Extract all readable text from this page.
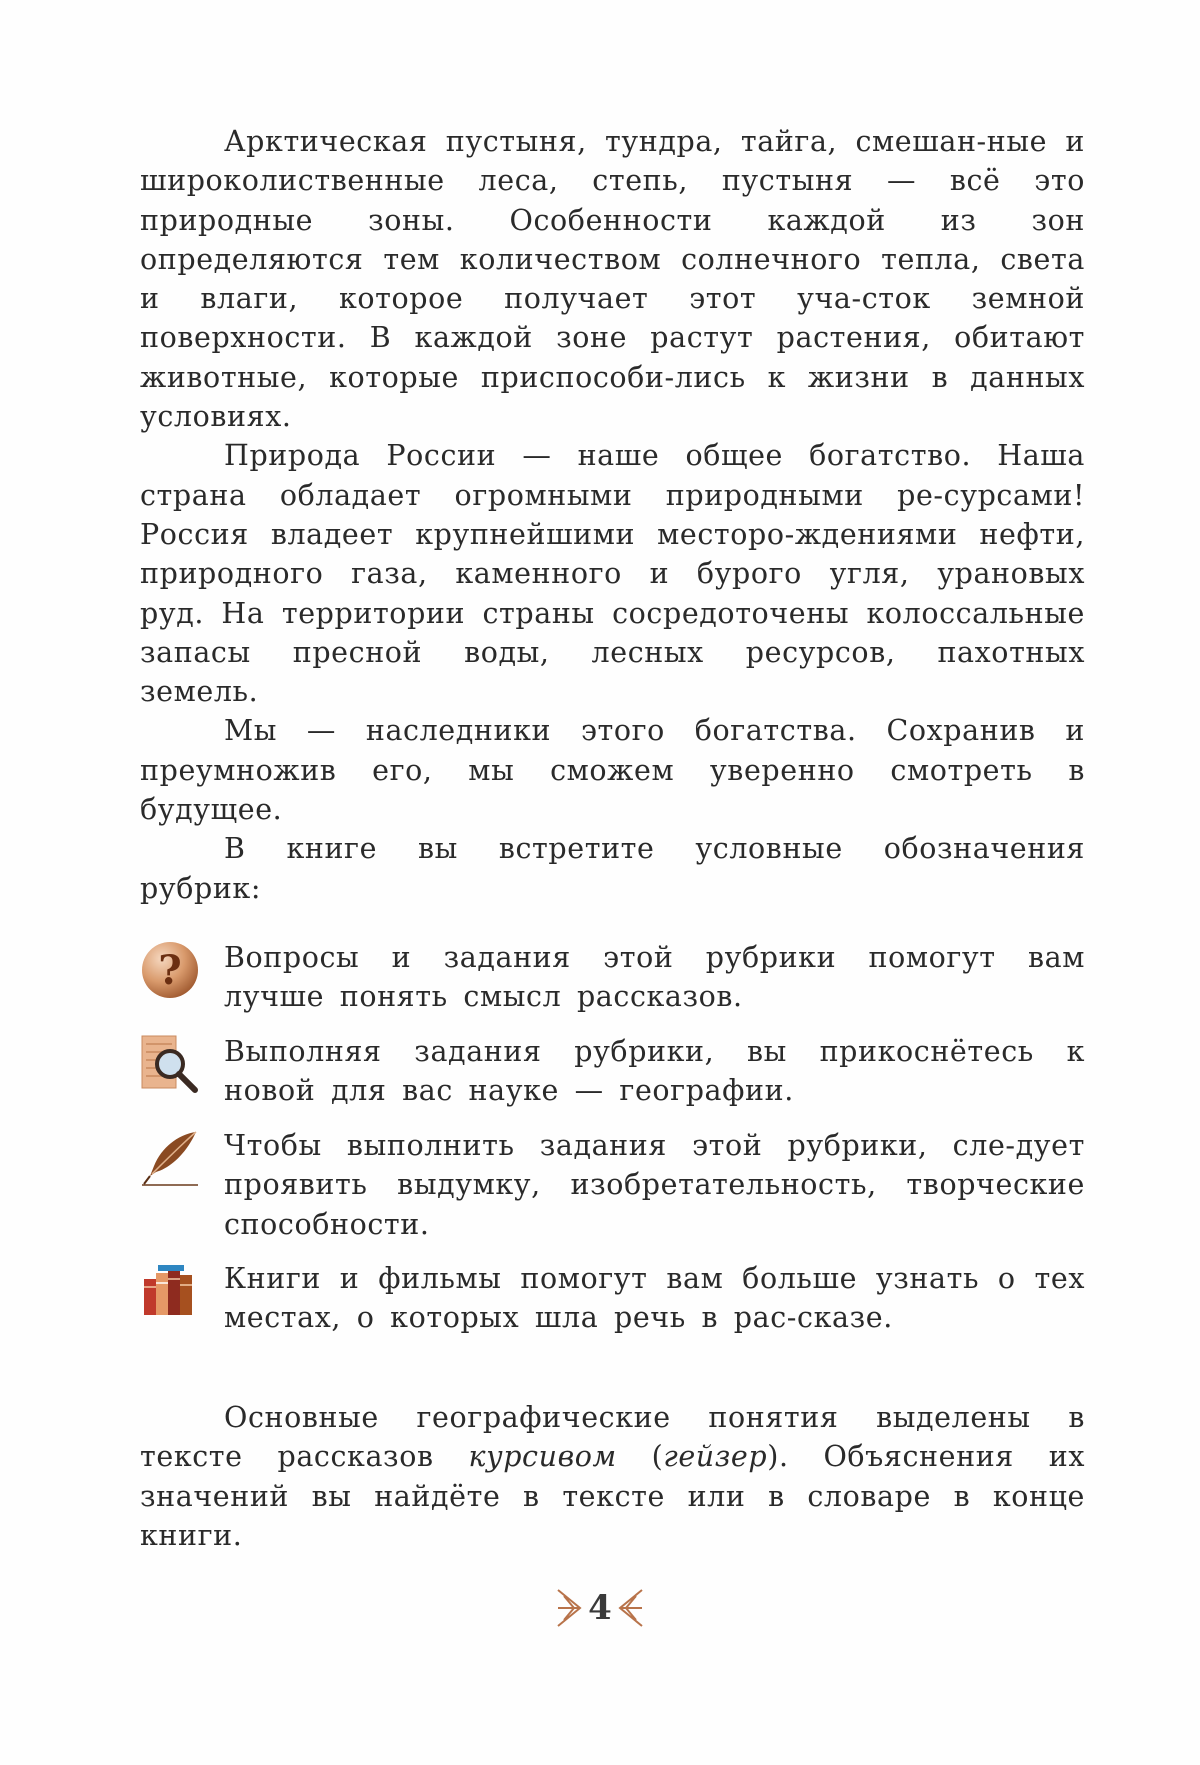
Арктическая пустыня, тундра, тайга, смешан-ные и широколиственные леса, степь, пустыня — всё это природные зоны. Особенности каждой из зон определяются тем количеством солнечного тепла, света и влаги, которое получает этот уча-сток земной поверхности. В каждой зоне растут растения, обитают животные, которые приспособи-лись к жизни в данных условиях.

Природа России — наше общее богатство. Наша страна обладает огромными природными ре-сурсами! Россия владеет крупнейшими месторо-ждениями нефти, природного газа, каменного и бурого угля, урановых руд. На территории страны сосредоточены колоссальные запасы пресной воды, лесных ресурсов, пахотных земель.

Мы — наследники этого богатства. Сохранив и преумножив его, мы сможем уверенно смотреть в будущее.

В книге вы встретите условные обозначения рубрик:

? Вопросы и задания этой рубрики помогут вам лучше понять смысл рассказов.
Выполняя задания рубрики, вы прикоснётесь к новой для вас науке — географии.
Чтобы выполнить задания этой рубрики, сле-дует проявить выдумку, изобретательность, творческие способности.
Книги и фильмы помогут вам больше узнать о тех местах, о которых шла речь в рас-сказе.

Основные географические понятия выделены в тексте рассказов курсивом (гейзер). Объяснения их значений вы найдёте в тексте или в словаре в конце книги.

4
